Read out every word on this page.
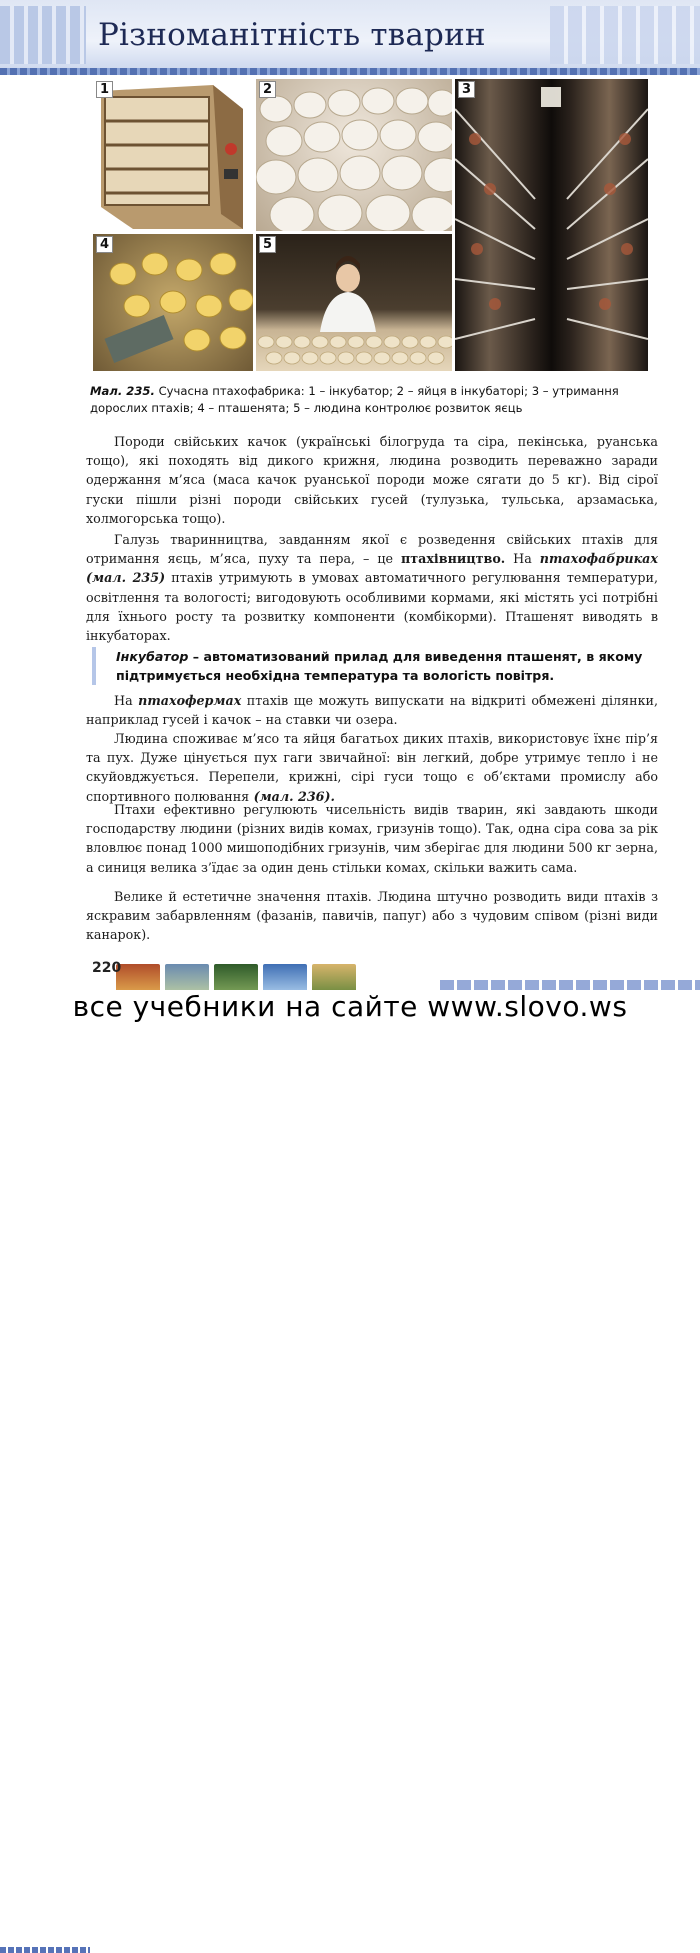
Різноманітність тварин
1	2	3
4	5
Мал. 235. Сучасна птахофабрика: 1 – інкубатор; 2 – яйця в інкубаторі; 3 – утримання дорослих птахів; 4 – пташенята; 5 – людина контролює розвиток яєць
Породи свійських качок (українські білогруда та сіра, пекінська, руанська тощо), які походять від дикого крижня, людина розводить переважно заради одержання м’яса (маса качок руанської породи може сягати до 5 кг). Від сірої гуски пішли різні породи свійських гусей (тулузька, тульська, арзамаська, холмогорська тощо).
Галузь тваринництва, завданням якої є розведення свійських птахів для отримання яєць, м’яса, пуху та пера, – це птахівництво. На птахофабриках (мал. 235) птахів утримують в умовах автоматичного регулювання температури, освітлення та вологості; вигодовують особливими кормами, які містять усі потрібні для їхнього росту та розвитку компоненти (комбікорми). Пташенят виводять в інкубаторах.
Інкубатор – автоматизований прилад для виведення пташенят, в якому підтримується необхідна температура та вологість повітря.
На птахофермах птахів ще можуть випускати на відкриті обмежені ділянки, наприклад гусей і качок – на ставки чи озера.
Людина споживає м’ясо та яйця багатьох диких птахів, використовує їхнє пір’я та пух. Дуже цінується пух гаги звичайної: він легкий, добре утримує тепло і не скуйовджується. Перепели, крижні, сірі гуси тощо є об’єктами промислу або спортивного полювання (мал. 236).
Птахи ефективно регулюють чисельність видів тварин, які завдають шкоди господарству людини (різних видів комах, гризунів тощо). Так, одна сіра сова за рік вловлює понад 1000 мишоподібних гризунів, чим зберігає для людини 500 кг зерна, а синиця велика з’їдає за один день стільки комах, скільки важить сама.
Велике й естетичне значення птахів. Людина штучно розводить види птахів з яскравим забарвленням (фазанів, павичів, папуг) або з чудовим співом (різні види канарок).
220
все учебники на сайте www.slovo.ws
